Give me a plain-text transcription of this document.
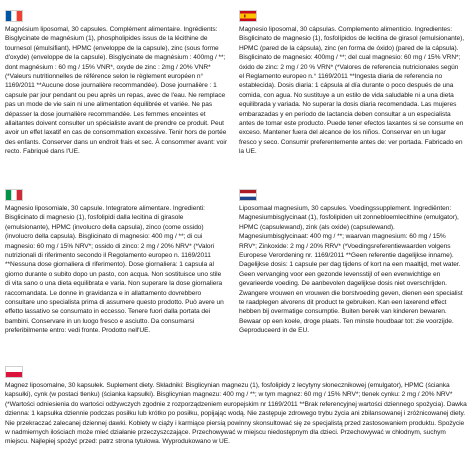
Magnésium liposomal, 30 capsules. Complément alimentaire. Ingrédients: Bisglycinate de magnésium (1), phospholipides issus de la lécithine de tournesol (émulsifiant), HPMC (enveloppe de la capsule), zinc (sous forme d'oxyde) (enveloppe de la capsule). Bisglycinate de magnésium : 400mg / **; dont magnésium : 60 mg / 15% VNR*, oxyde de zinc : 2mg / 20% VNR* (*Valeurs nutritionnelles de référence selon le règlement européen n° 1169/2011 **Aucune dose journalière recommandée). Dose journalière : 1 capsule par jour pendant ou peu après un repas, avec de l'eau. Ne remplace pas un mode de vie sain ni une alimentation équilibrée et variée. Ne pas dépasser la dose journalière recommandée. Les femmes enceintes et allaitantes doivent consulter un spécialiste avant de prendre ce produit. Peut avoir un effet laxatif en cas de consommation excessive. Tenir hors de portée des enfants. Conserver dans un endroit frais et sec. À consommer avant: voir recto. Fabriqué dans l'UE.

Magnesio liposomal, 30 cápsulas. Complemento alimenticio. Ingredientes: Bisglicinato de magnesio (1), fosfolípidos de lecitina de girasol (emulsionante), HPMC (pared de la cápsula), zinc (en forma de óxido) (pared de la cápsula). Bisglicinato de magnesio: 400mg / **; del cual magnesio: 60 mg / 15% VRN*; óxido de zinc: 2 mg / 20 % VRN* (*Valores de referencia nutricionales según el Reglamento europeo n.° 1169/2011 **Ingesta diaria de referencia no establecida). Dosis diaria: 1 cápsula al día durante o poco después de una comida, con agua. No sustituye a un estilo de vida saludable ni a una dieta equilibrada y variada. No superar la dosis diaria recomendada. Las mujeres embarazadas y en período de lactancia deben consultar a un especialista antes de tomar este producto. Puede tener efectos laxantes si se consume en exceso. Mantener fuera del alcance de los niños. Conservar en un lugar fresco y seco. Consumir preferentemente antes de: ver portada. Fabricado en la UE.

Magnesio liposomiale, 30 capsule. Integratore alimentare. Ingredienti: Bisglicinato di magnesio (1), fosfolipidi dalla lecitina di girasole (emulsionante), HPMC (involucro della capsula), zinco (come ossido) (involucro della capsula). Bisglicinato di magnesio: 400 mg / **; di cui magnesio: 60 mg / 15% NRV*; ossido di zinco: 2 mg / 20% NRV* (*Valori nutrizionali di riferimento secondo il Regolamento europeo n. 1169/2011 **Nessuna dose giornaliera di riferimento). Dose giornaliera: 1 capsula al giorno durante o subito dopo un pasto, con acqua. Non sostituisce uno stile di vita sano o una dieta equilibrata e varia. Non superare la dose giornaliera raccomandata. Le donne in gravidanza e in allattamento dovrebbero consultare uno specialista prima di assumere questo prodotto. Può avere un effetto lassativo se consumato in eccesso. Tenere fuori dalla portata dei bambini. Conservare in un luogo fresco e asciutto. Da consumarsi preferibilmente entro: vedi fronte. Prodotto nell'UE.

Liposomaal magnesium, 30 capsules. Voedingssupplement. Ingrediënten: Magnesiumbisglycinaat (1), fosfolipiden uit zonnebloemlecithine (emulgator), HPMC (capsulewand), zink (als oxide) (capsulewand). Magnesiumbisglycinaat: 400 mg / **; waarvan magnesium: 60 mg / 15% RRV*; Zinkoxide: 2 mg / 20% RRV* (*Voedingsreferentiewaarden volgens Europese Verordening nr. 1169/2011 **Geen referentie dagelijkse inname). Dagelijkse dosis: 1 capsule per dag tijdens of kort na een maaltijd, met water. Geen vervanging voor een gezonde levensstijl of een evenwichtige en gevarieerde voeding. De aanbevolen dagelijkse dosis niet overschrijden. Zwangere vrouwen en vrouwen die borstvoeding geven, dienen een specialist te raadplegen alvorens dit product te gebruiken. Kan een laxerend effect hebben bij overmatige consumptie. Buiten bereik van kinderen bewaren. Bewaar op een koele, droge plaats. Ten minste houdbaar tot: zie voorzijde. Geproduceerd in de EU.

Magnez liposomalne, 30 kapsułek. Suplement diety. Składniki: Bisglicynian magnezu (1), fosfolipidy z lecytyny słonecznikowej (emulgator), HPMC (ścianka kapsułki), cynk (w postaci tlenku) (ścianka kapsułki). Bisglicynian magnezu: 400 mg / **; w tym magnez: 60 mg / 15% NRV*; tlenek cynku: 2 mg / 20% NRV* (*Wartości odniesienia do wartości odżywczych zgodnie z rozporządzeniem europejskim nr 1169/2011 **Brak referencyjnej wartości dziennego spożycia). Dawka dzienna: 1 kapsułka dziennie podczas posiłku lub krótko po posiłku, popijając wodą. Nie zastępuje zdrowego trybu życia ani zbilansowanej i zróżnicowanej diety. Nie przekraczać zalecanej dziennej dawki. Kobiety w ciąży i karmiące piersią powinny skonsultować się ze specjalistą przed zastosowaniem produktu. Spożycie w nadmiernych ilościach może mieć działanie przeczyszczające. Przechowywać w miejscu niedostępnym dla dzieci. Przechowywać w chłodnym, suchym miejscu. Najlepiej spożyć przed: patrz strona tytułowa. Wyprodukowano w UE.
